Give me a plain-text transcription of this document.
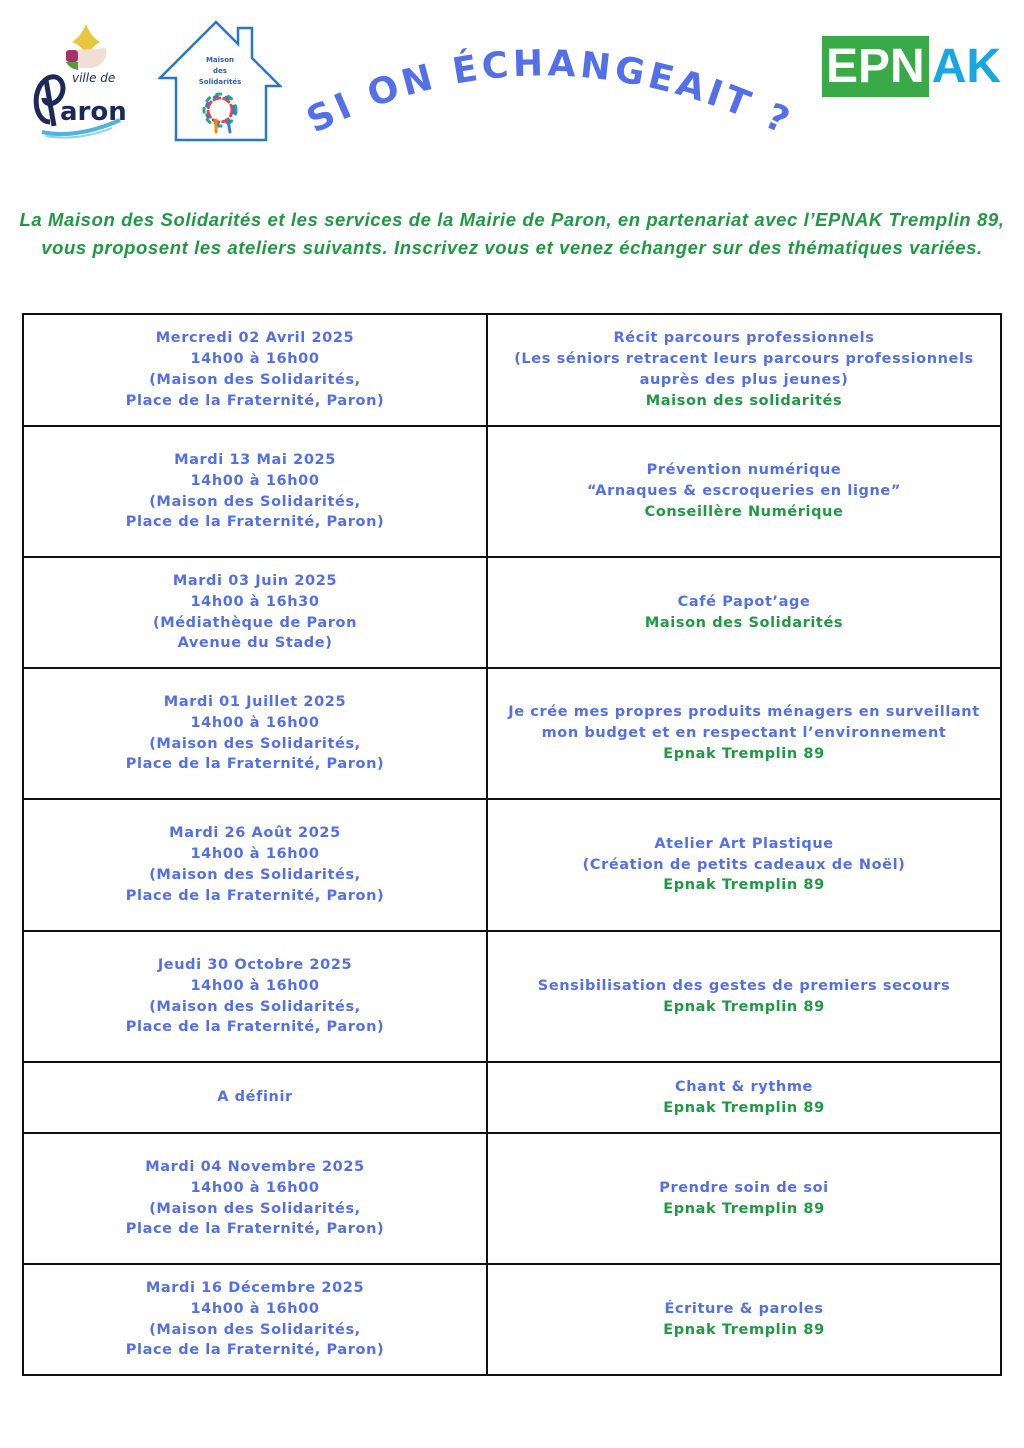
ville de
aron
Maison
des
Solidarités
SI ON ÉCHANGEAIT ?
EPN AK
La Maison des Solidarités et les services de la Mairie de Paron, en partenariat avec l’EPNAK Tremplin 89, vous proposent les ateliers suivants. Inscrivez vous et venez échanger sur des thématiques variées.
Mercredi 02 Avril 2025
14h00 à 16h00
(Maison des Solidarités,
Place de la Fraternité, Paron)	Récit parcours professionnels
(Les séniors retracent leurs parcours professionnels
auprès des plus jeunes)
Maison des solidarités

Mardi 13 Mai 2025
14h00 à 16h00
(Maison des Solidarités,
Place de la Fraternité, Paron)	Prévention numérique
“Arnaques & escroqueries en ligne”
Conseillère Numérique

Mardi 03 Juin 2025
14h00 à 16h30
(Médiathèque de Paron
Avenue du Stade)	Café Papot’age
Maison des Solidarités

Mardi 01 Juillet 2025
14h00 à 16h00
(Maison des Solidarités,
Place de la Fraternité, Paron)	Je crée mes propres produits ménagers en surveillant
mon budget et en respectant l’environnement
Epnak Tremplin 89

Mardi 26 Août 2025
14h00 à 16h00
(Maison des Solidarités,
Place de la Fraternité, Paron)	Atelier Art Plastique
(Création de petits cadeaux de Noël)
Epnak Tremplin 89

Jeudi 30 Octobre 2025
14h00 à 16h00
(Maison des Solidarités,
Place de la Fraternité, Paron)	Sensibilisation des gestes de premiers secours
Epnak Tremplin 89

A définir	Chant & rythme
Epnak Tremplin 89

Mardi 04 Novembre 2025
14h00 à 16h00
(Maison des Solidarités,
Place de la Fraternité, Paron)	Prendre soin de soi
Epnak Tremplin 89

Mardi 16 Décembre 2025
14h00 à 16h00
(Maison des Solidarités,
Place de la Fraternité, Paron)	Écriture & paroles
Epnak Tremplin 89
